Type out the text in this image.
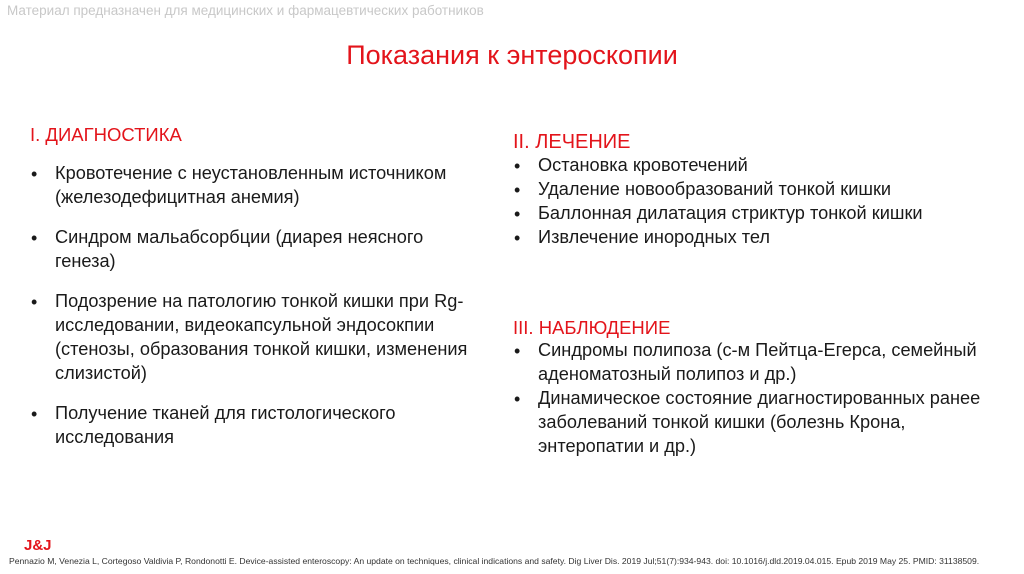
Материал предназначен для медицинских и фармацевтических работников
Показания к энтероскопии
I. ДИАГНОСТИКА	II. ЛЕЧЕНИЕ
III. НАБЛЮДЕНИЕ
• Кровотечение с неустановленным источником
(железодефицитная анемия)
• Синдром мальабсорбции (диарея неясного
генеза)
• Подозрение на патологию тонкой кишки при Rg-
исследовании, видеокапсульной эндосокпии
(стенозы, образования тонкой кишки, изменения
слизистой)
• Получение тканей для гистологического
исследования
• Остановка кровотечений
• Удаление новообразований тонкой кишки
• Баллонная дилатация стриктур тонкой кишки
• Извлечение инородных тел
• Синдромы полипоза (с-м Пейтца-Егерса, семейный
аденоматозный полипоз и др.)
• Динамическое состояние диагностированных ранее
заболеваний тонкой кишки (болезнь Крона,
энтеропатии и др.)
J&J
Pennazio M, Venezia L, Cortegoso Valdivia P, Rondonotti E. Device-assisted enteroscopy: An update on techniques, clinical indications and safety. Dig Liver Dis. 2019 Jul;51(7):934-943. doi: 10.1016/j.dld.2019.04.015. Epub 2019 May 25. PMID: 31138509.
